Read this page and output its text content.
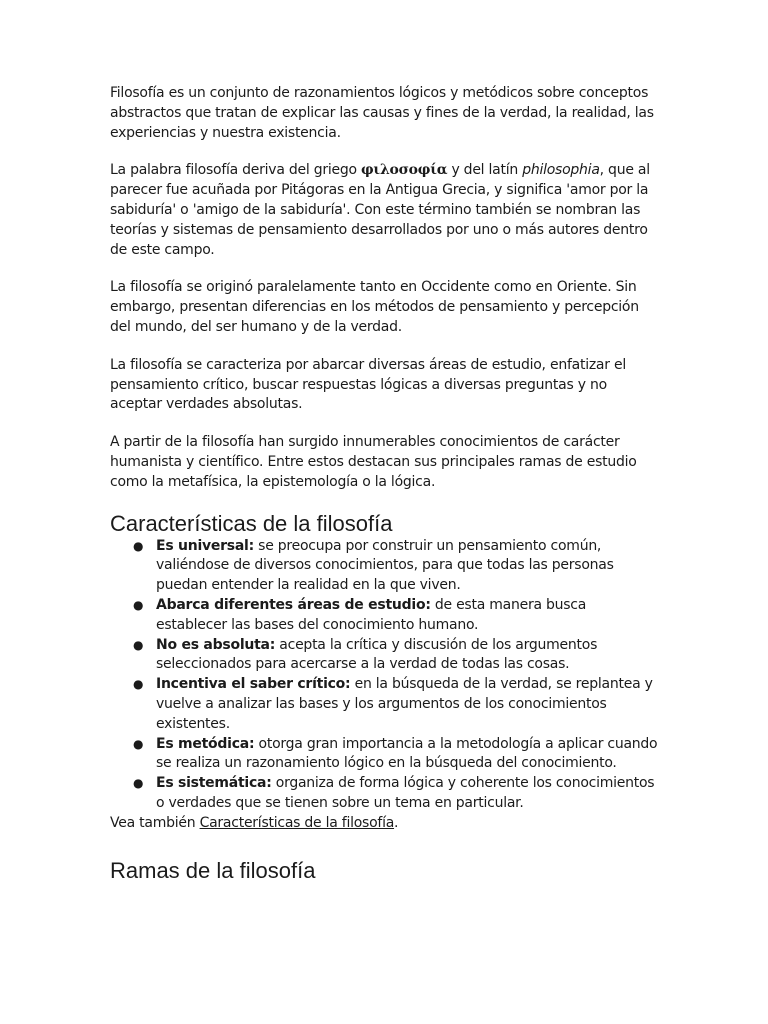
Filosofía es un conjunto de razonamientos lógicos y metódicos sobre conceptos abstractos que tratan de explicar las causas y fines de la verdad, la realidad, las experiencias y nuestra existencia.

La palabra filosofía deriva del griego φιλοσοφία y del latín philosophia, que al parecer fue acuñada por Pitágoras en la Antigua Grecia, y significa 'amor por la sabiduría' o 'amigo de la sabiduría'. Con este término también se nombran las teorías y sistemas de pensamiento desarrollados por uno o más autores dentro de este campo.

La filosofía se originó paralelamente tanto en Occidente como en Oriente. Sin embargo, presentan diferencias en los métodos de pensamiento y percepción del mundo, del ser humano y de la verdad.

La filosofía se caracteriza por abarcar diversas áreas de estudio, enfatizar el pensamiento crítico, buscar respuestas lógicas a diversas preguntas y no aceptar verdades absolutas.

A partir de la filosofía han surgido innumerables conocimientos de carácter humanista y científico. Entre estos destacan sus principales ramas de estudio como la metafísica, la epistemología o la lógica.

Características de la filosofía
● Es universal: se preocupa por construir un pensamiento común, valiéndose de diversos conocimientos, para que todas las personas puedan entender la realidad en la que viven.
● Abarca diferentes áreas de estudio: de esta manera busca establecer las bases del conocimiento humano.
● No es absoluta: acepta la crítica y discusión de los argumentos seleccionados para acercarse a la verdad de todas las cosas.
● Incentiva el saber crítico: en la búsqueda de la verdad, se replantea y vuelve a analizar las bases y los argumentos de los conocimientos existentes.
● Es metódica: otorga gran importancia a la metodología a aplicar cuando se realiza un razonamiento lógico en la búsqueda del conocimiento.
● Es sistemática: organiza de forma lógica y coherente los conocimientos o verdades que se tienen sobre un tema en particular.

Vea también Características de la filosofía.

Ramas de la filosofía
